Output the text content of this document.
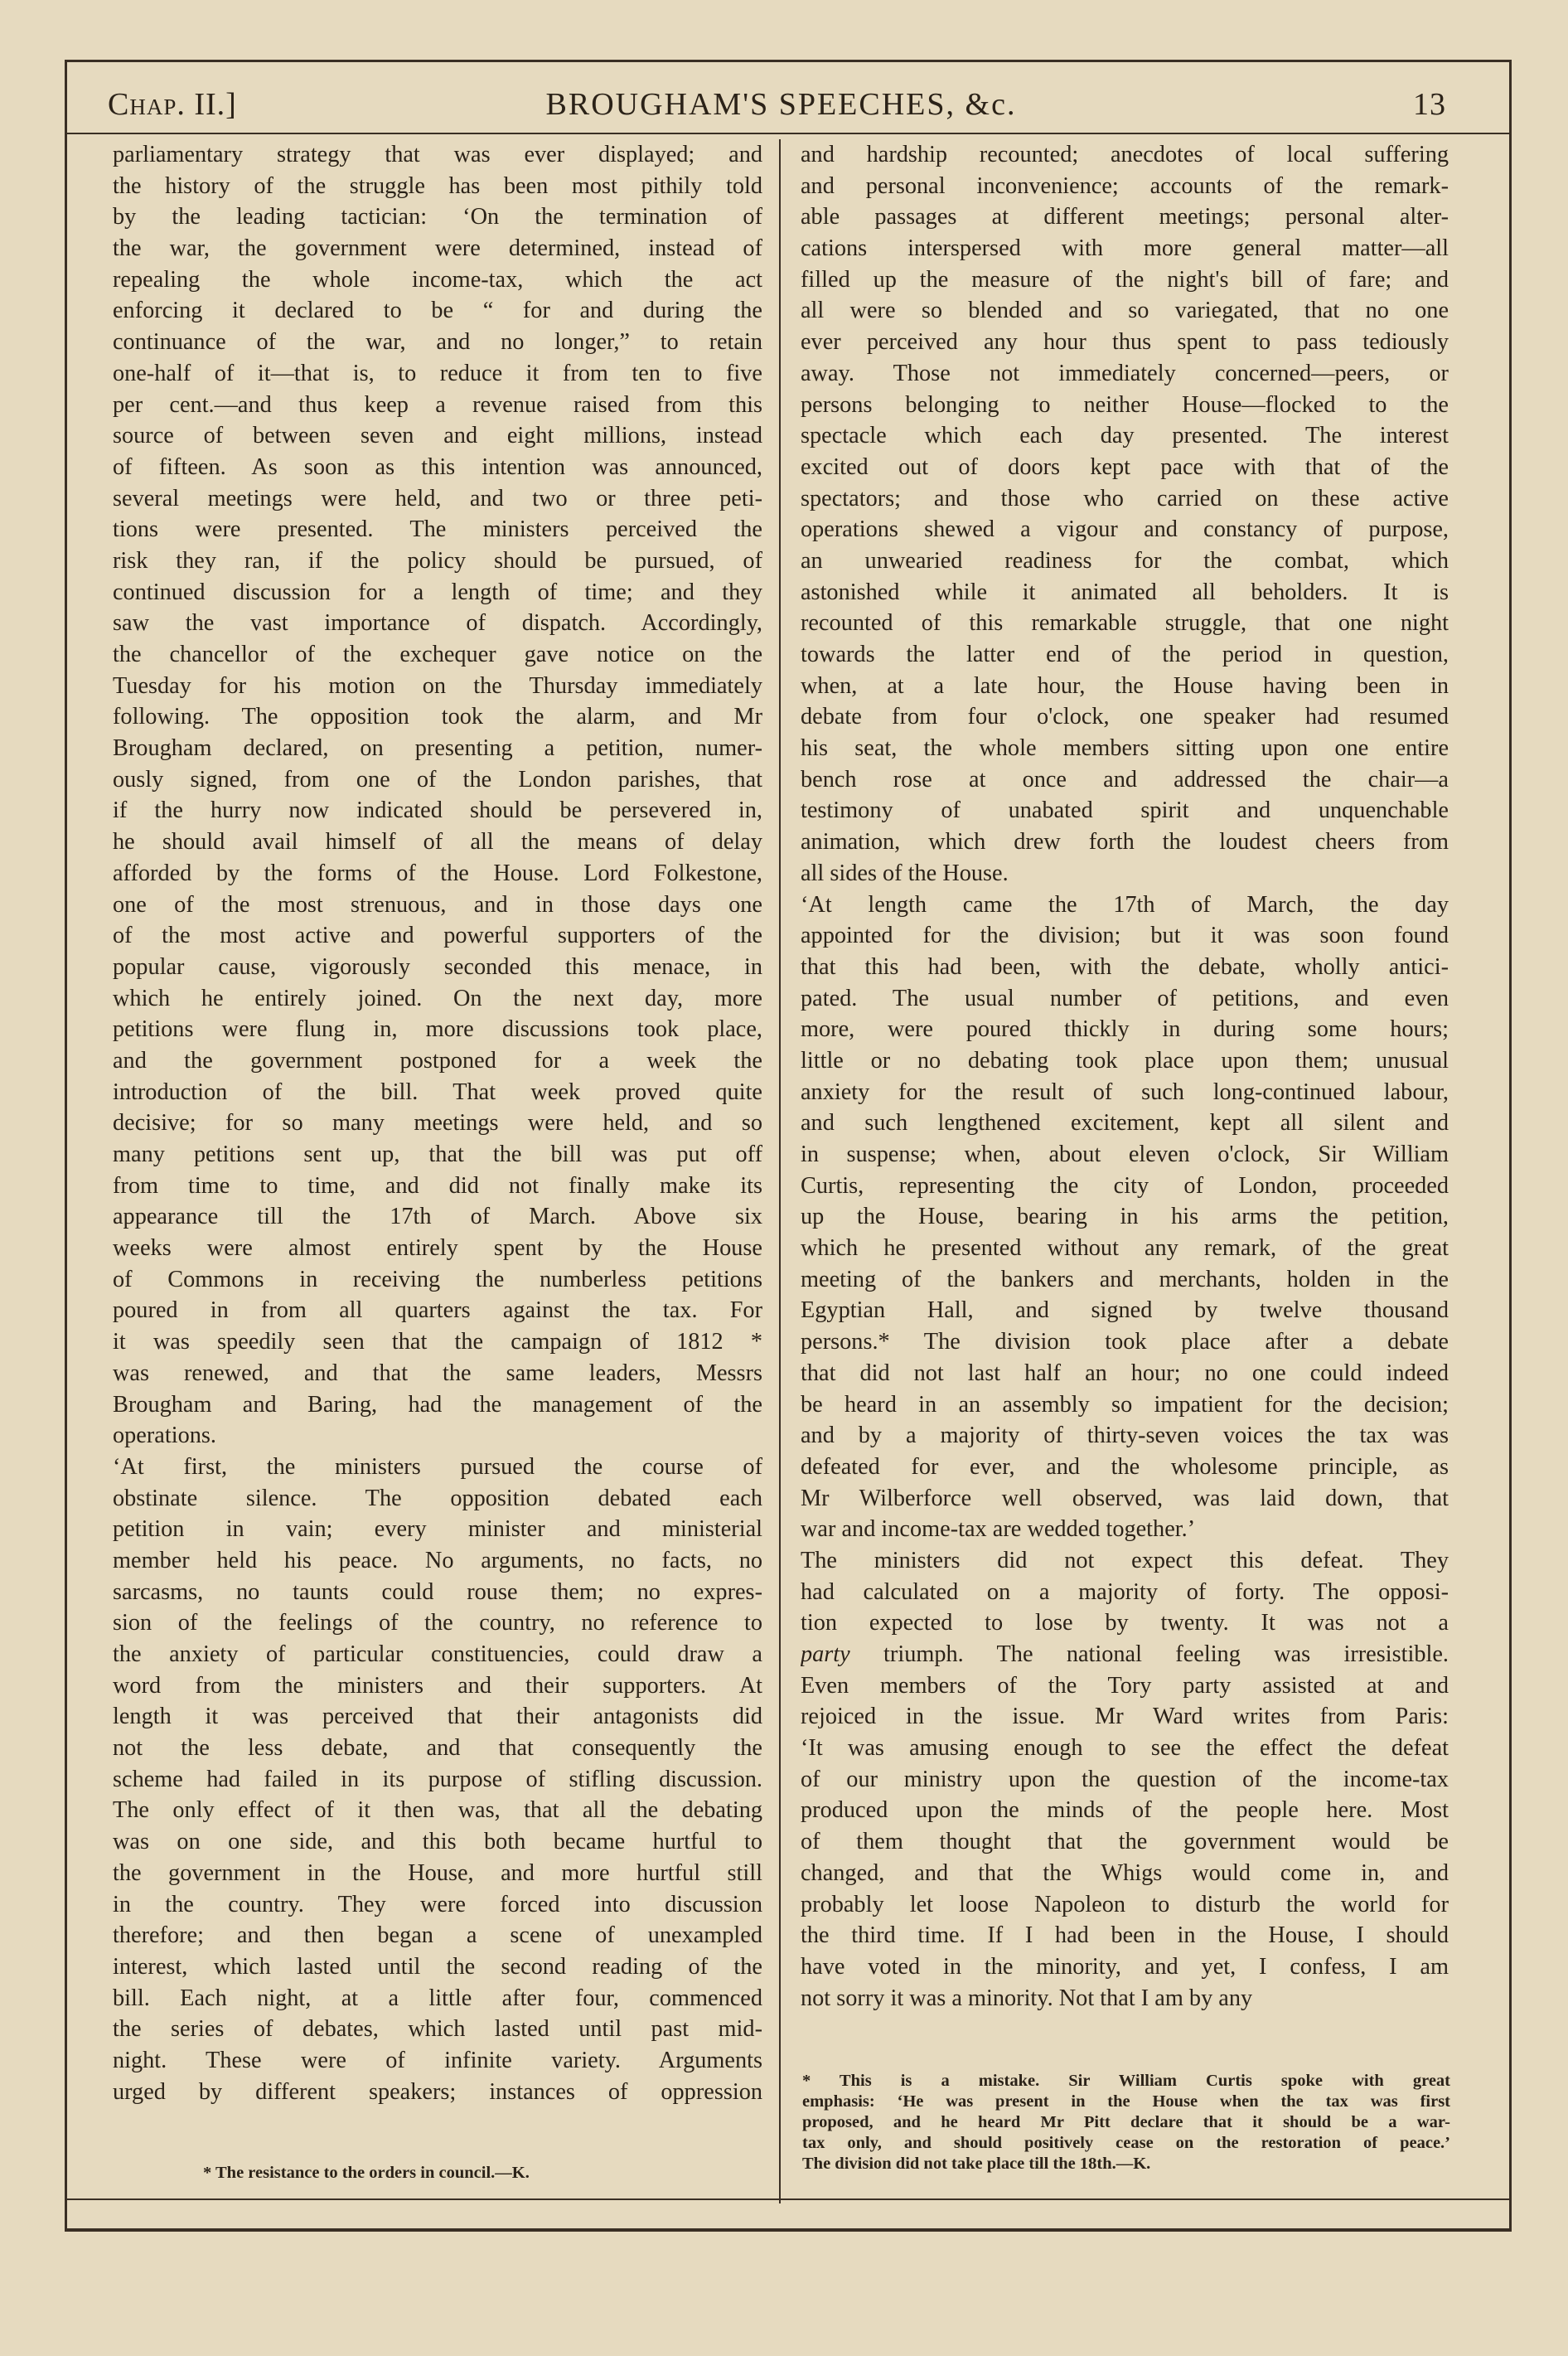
Chap. II.]	BROUGHAM'S SPEECHES, &c.	13
parliamentary strategy that was ever displayed; and
the history of the struggle has been most pithily told
by the leading tactician: ‘On the termination of
the war, the government were determined, instead of
repealing the whole income-tax, which the act
enforcing it declared to be “ for and during the
continuance of the war, and no longer,” to retain
one-half of it—that is, to reduce it from ten to five
per cent.—and thus keep a revenue raised from this
source of between seven and eight millions, instead
of fifteen. As soon as this intention was announced,
several meetings were held, and two or three peti-
tions were presented. The ministers perceived the
risk they ran, if the policy should be pursued, of
continued discussion for a length of time; and they
saw the vast importance of dispatch. Accordingly,
the chancellor of the exchequer gave notice on the
Tuesday for his motion on the Thursday immediately
following. The opposition took the alarm, and Mr
Brougham declared, on presenting a petition, numer-
ously signed, from one of the London parishes, that
if the hurry now indicated should be persevered in,
he should avail himself of all the means of delay
afforded by the forms of the House. Lord Folkestone,
one of the most strenuous, and in those days one
of the most active and powerful supporters of the
popular cause, vigorously seconded this menace, in
which he entirely joined. On the next day, more
petitions were flung in, more discussions took place,
and the government postponed for a week the
introduction of the bill. That week proved quite
decisive; for so many meetings were held, and so
many petitions sent up, that the bill was put off
from time to time, and did not finally make its
appearance till the 17th of March. Above six
weeks were almost entirely spent by the House
of Commons in receiving the numberless petitions
poured in from all quarters against the tax. For
it was speedily seen that the campaign of 1812 *
was renewed, and that the same leaders, Messrs
Brougham and Baring, had the management of the
operations.
‘At first, the ministers pursued the course of
obstinate silence. The opposition debated each
petition in vain; every minister and ministerial
member held his peace. No arguments, no facts, no
sarcasms, no taunts could rouse them; no expres-
sion of the feelings of the country, no reference to
the anxiety of particular constituencies, could draw a
word from the ministers and their supporters. At
length it was perceived that their antagonists did
not the less debate, and that consequently the
scheme had failed in its purpose of stifling discussion.
The only effect of it then was, that all the debating
was on one side, and this both became hurtful to
the government in the House, and more hurtful still
in the country. They were forced into discussion
therefore; and then began a scene of unexampled
interest, which lasted until the second reading of the
bill. Each night, at a little after four, commenced
the series of debates, which lasted until past mid-
night. These were of infinite variety. Arguments
urged by different speakers; instances of oppression
and hardship recounted; anecdotes of local suffering
and personal inconvenience; accounts of the remark-
able passages at different meetings; personal alter-
cations interspersed with more general matter—all
filled up the measure of the night's bill of fare; and
all were so blended and so variegated, that no one
ever perceived any hour thus spent to pass tediously
away. Those not immediately concerned—peers, or
persons belonging to neither House—flocked to the
spectacle which each day presented. The interest
excited out of doors kept pace with that of the
spectators; and those who carried on these active
operations shewed a vigour and constancy of purpose,
an unwearied readiness for the combat, which
astonished while it animated all beholders. It is
recounted of this remarkable struggle, that one night
towards the latter end of the period in question,
when, at a late hour, the House having been in
debate from four o'clock, one speaker had resumed
his seat, the whole members sitting upon one entire
bench rose at once and addressed the chair—a
testimony of unabated spirit and unquenchable
animation, which drew forth the loudest cheers from
all sides of the House.
‘At length came the 17th of March, the day
appointed for the division; but it was soon found
that this had been, with the debate, wholly antici-
pated. The usual number of petitions, and even
more, were poured thickly in during some hours;
little or no debating took place upon them; unusual
anxiety for the result of such long-continued labour,
and such lengthened excitement, kept all silent and
in suspense; when, about eleven o'clock, Sir William
Curtis, representing the city of London, proceeded
up the House, bearing in his arms the petition,
which he presented without any remark, of the great
meeting of the bankers and merchants, holden in the
Egyptian Hall, and signed by twelve thousand
persons.* The division took place after a debate
that did not last half an hour; no one could indeed
be heard in an assembly so impatient for the decision;
and by a majority of thirty-seven voices the tax was
defeated for ever, and the wholesome principle, as
Mr Wilberforce well observed, was laid down, that
war and income-tax are wedded together.’
The ministers did not expect this defeat. They
had calculated on a majority of forty. The opposi-
tion expected to lose by twenty. It was not a
party triumph. The national feeling was irresistible.
Even members of the Tory party assisted at and
rejoiced in the issue. Mr Ward writes from Paris:
‘It was amusing enough to see the effect the defeat
of our ministry upon the question of the income-tax
produced upon the minds of the people here. Most
of them thought that the government would be
changed, and that the Whigs would come in, and
probably let loose Napoleon to disturb the world for
the third time. If I had been in the House, I should
have voted in the minority, and yet, I confess, I am
not sorry it was a minority. Not that I am by any
* The resistance to the orders in council.—K.
* This is a mistake. Sir William Curtis spoke with great
emphasis: ‘He was present in the House when the tax was first
proposed, and he heard Mr Pitt declare that it should be a war-
tax only, and should positively cease on the restoration of peace.’
The division did not take place till the 18th.—K.
